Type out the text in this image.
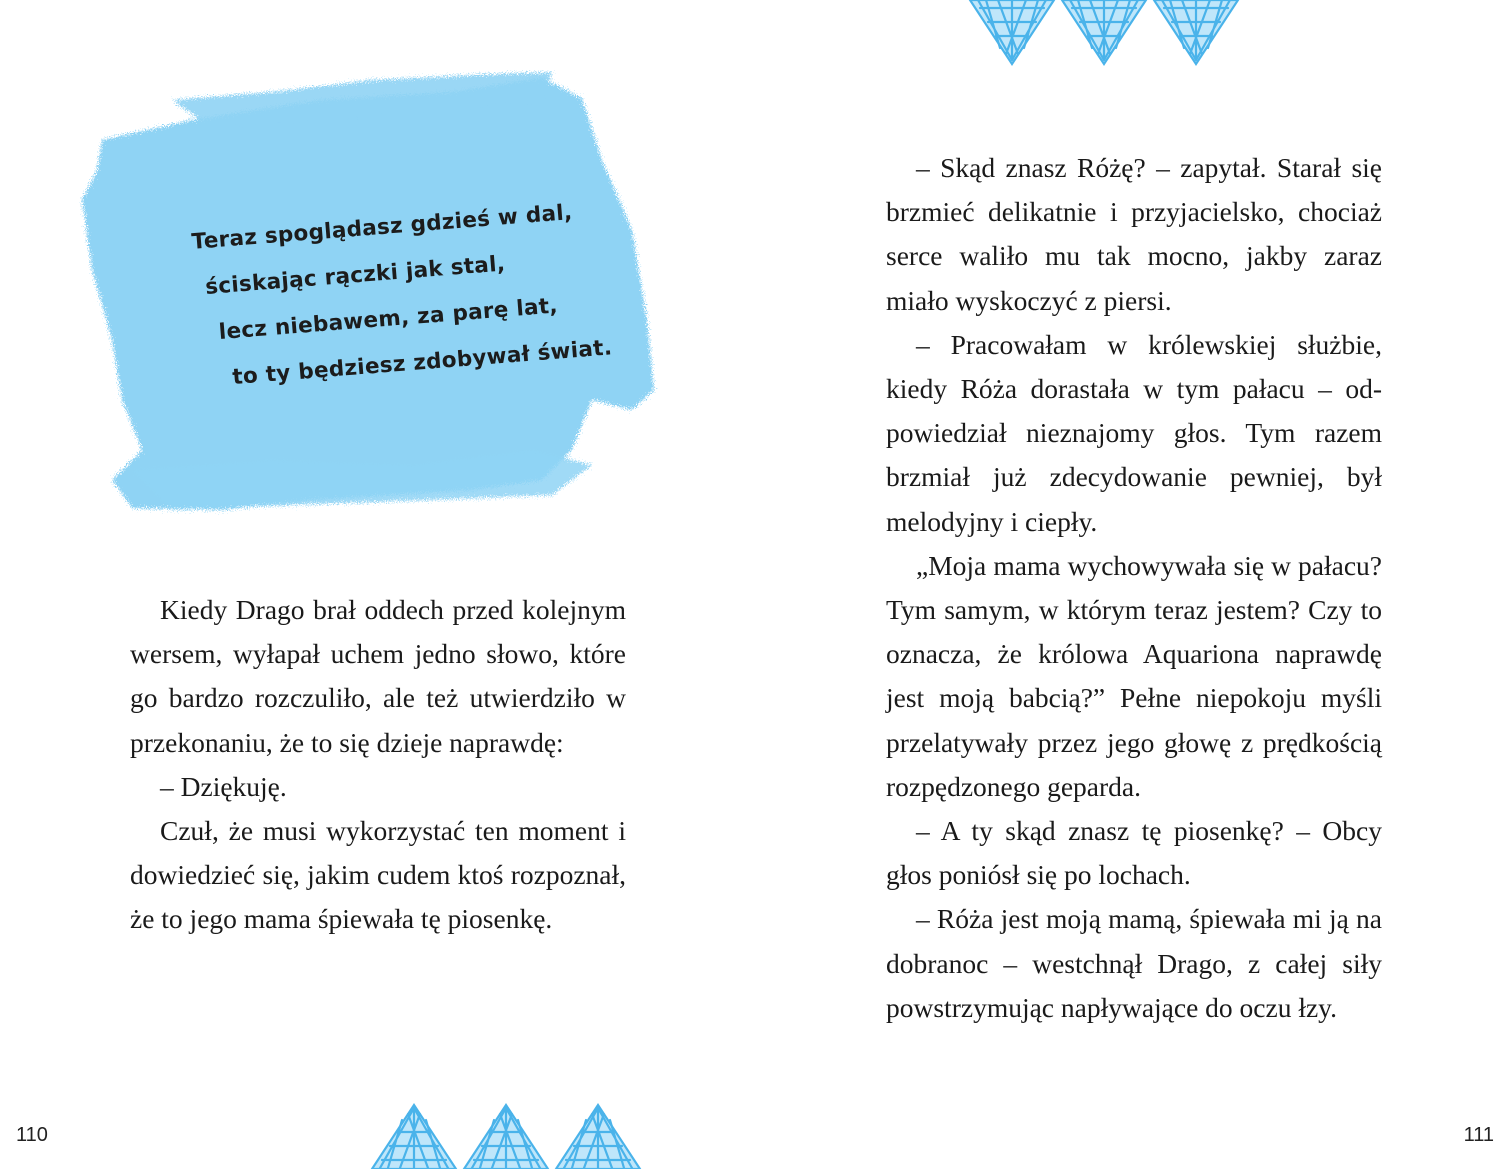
Teraz spoglądasz gdzieś w dal,
ściskając rączki jak stal,
lecz niebawem, za parę lat,
to ty będziesz zdobywał świat.

Kiedy Drago brał oddech przed kolejnym wersem, wyłapał uchem jedno słowo, które go bardzo rozczuliło, ale też utwierdziło w przekonaniu, że to się dzieje naprawdę:

– Dziękuję.

Czuł, że musi wykorzystać ten moment i dowiedzieć się, jakim cudem ktoś rozpoznał, że to jego mama śpiewała tę piosenkę.

110

– Skąd znasz Różę? – zapytał. Starał się brzmieć delikatnie i przyjacielsko, chociaż serce waliło mu tak mocno, jakby zaraz miało wyskoczyć z piersi.

– Pracowałam w królewskiej służbie, kiedy Róża dorastała w tym pałacu – odpowiedział nieznajomy głos. Tym razem brzmiał już zdecydowanie pewniej, był melodyjny i ciepły.

„Moja mama wychowywała się w pałacu? Tym samym, w którym teraz jestem? Czy to oznacza, że królowa Aquariona naprawdę jest moją babcią?” Pełne niepokoju myśli przelatywały przez jego głowę z prędkością rozpędzonego geparda.

– A ty skąd znasz tę piosenkę? – Obcy głos poniósł się po lochach.

– Róża jest moją mamą, śpiewała mi ją na dobranoc – westchnął Drago, z całej siły powstrzymując napływające do oczu łzy.

111
